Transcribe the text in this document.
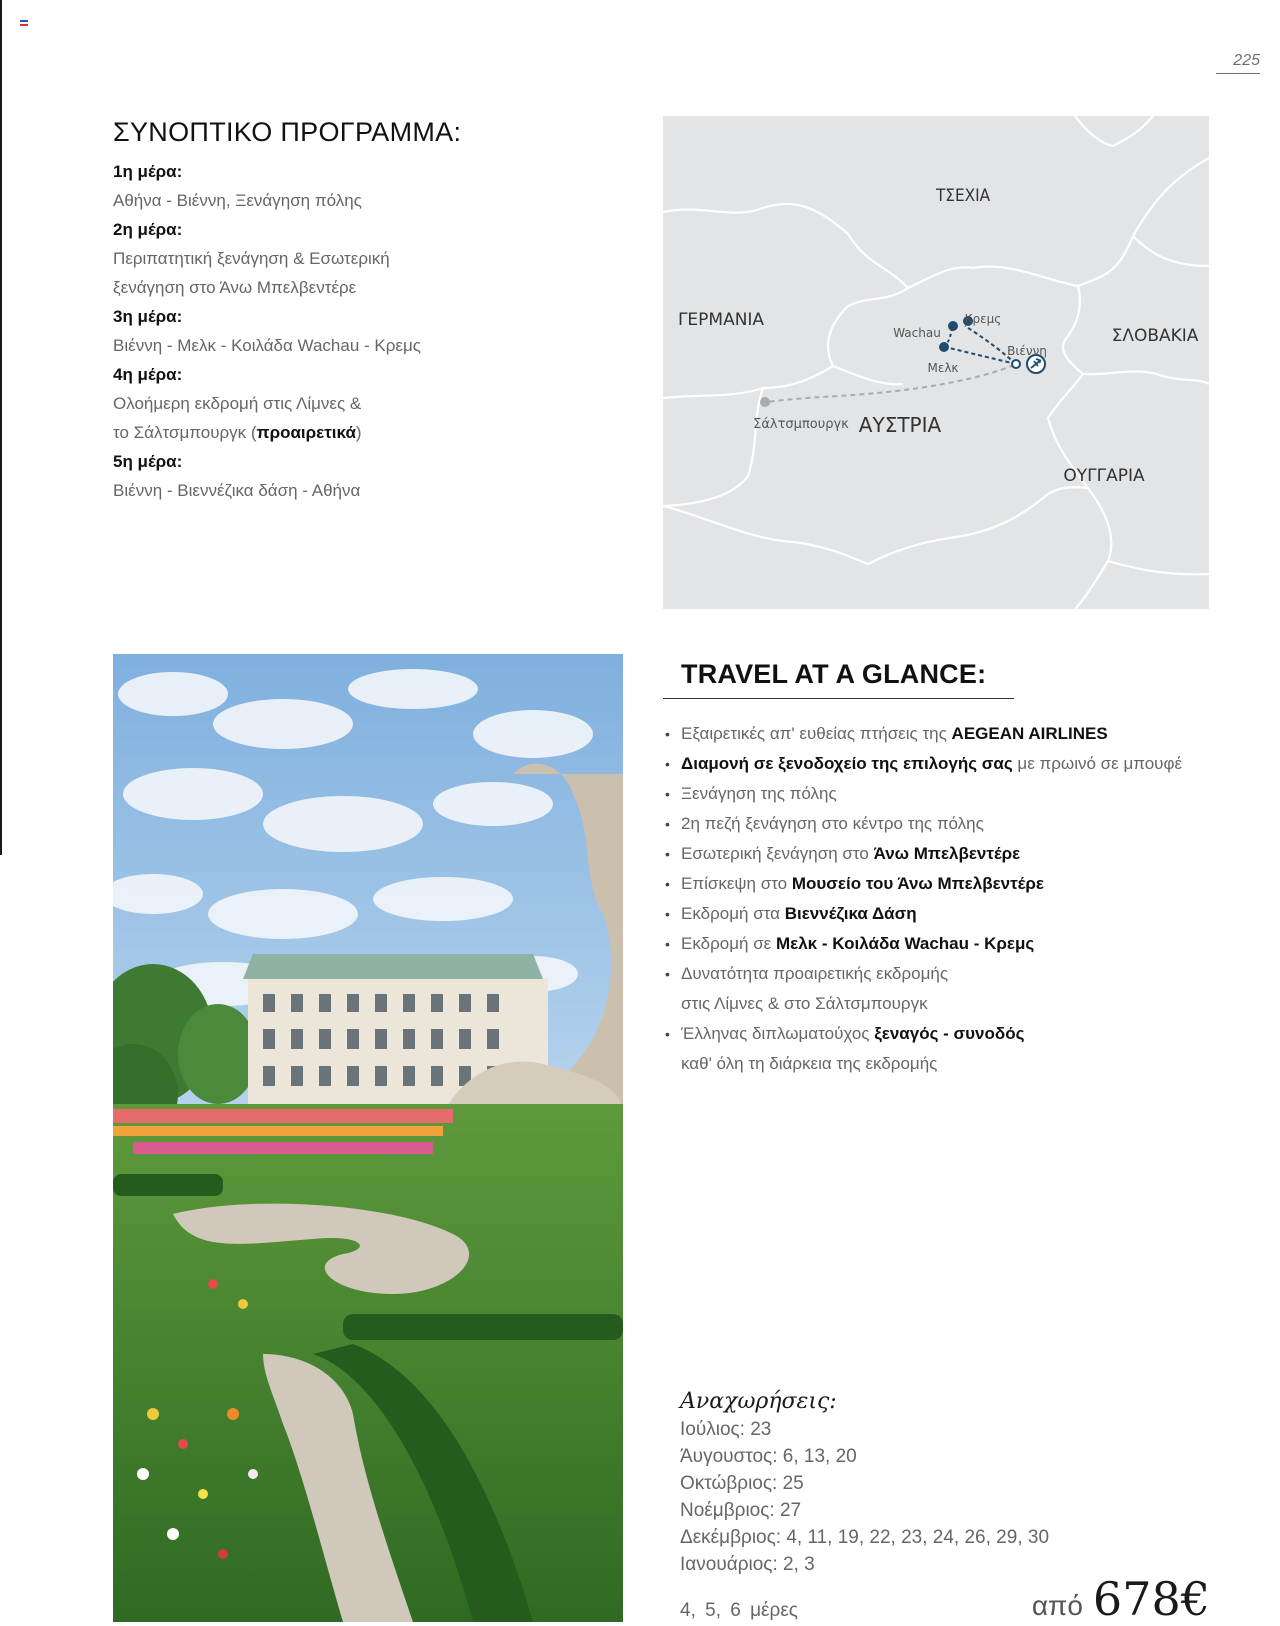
225
ΣΥΝΟΠΤΙΚΟ ΠΡΟΓΡΑΜΜΑ:

1η μέρα:
Αθήνα - Βιέννη, Ξενάγηση πόλης

2η μέρα:
Περιπατητική ξενάγηση & Εσωτερική
ξενάγηση στο Άνω Μπελβεντέρε

3η μέρα:
Βιέννη - Μελκ - Κοιλάδα Wachau - Κρεμς

4η μέρα:
Ολοήμερη εκδρομή στις Λίμνες &
το Σάλτσμπουργκ (προαιρετικά)

5η μέρα:
Βιέννη - Βιεννέζικα δάση - Αθήνα

ΤΣΕΧΙΑ
ΓΕΡΜΑΝΙΑ
ΣΛΟΒΑΚΙΑ
ΑΥΣΤΡΙΑ
ΟΥΓΓΑΡΙΑ
Wachau
Κρεμς
Βιέννη
Μελκ
Σάλτσμπουργκ
TRAVEL AT A GLANCE:
• Εξαιρετικές απ' ευθείας πτήσεις της AEGEAN AIRLINES
• Διαμονή σε ξενοδοχείο της επιλογής σας με πρωινό σε μπουφέ
• Ξενάγηση της πόλης
• 2η πεζή ξενάγηση στο κέντρο της πόλης
• Εσωτερική ξενάγηση στο Άνω Μπελβεντέρε
• Επίσκεψη στο Μουσείο του Άνω Μπελβεντέρε
• Εκδρομή στα Βιεννέζικα Δάση
• Εκδρομή σε Μελκ - Κοιλάδα Wachau - Κρεμς
• Δυνατότητα προαιρετικής εκδρομής
στις Λίμνες & στο Σάλτσμπουργκ
• Έλληνας διπλωματούχος ξεναγός - συνοδός
καθ' όλη τη διάρκεια της εκδρομής
Αναχωρήσεις:
Ιούλιος: 23
Άυγουστος: 6, 13, 20
Οκτώβριος: 25
Νοέμβριος: 27
Δεκέμβριος: 4, 11, 19, 22, 23, 24, 26, 29, 30
Ιανουάριος: 2, 3
4, 5, 6 μέρες	από 678€
